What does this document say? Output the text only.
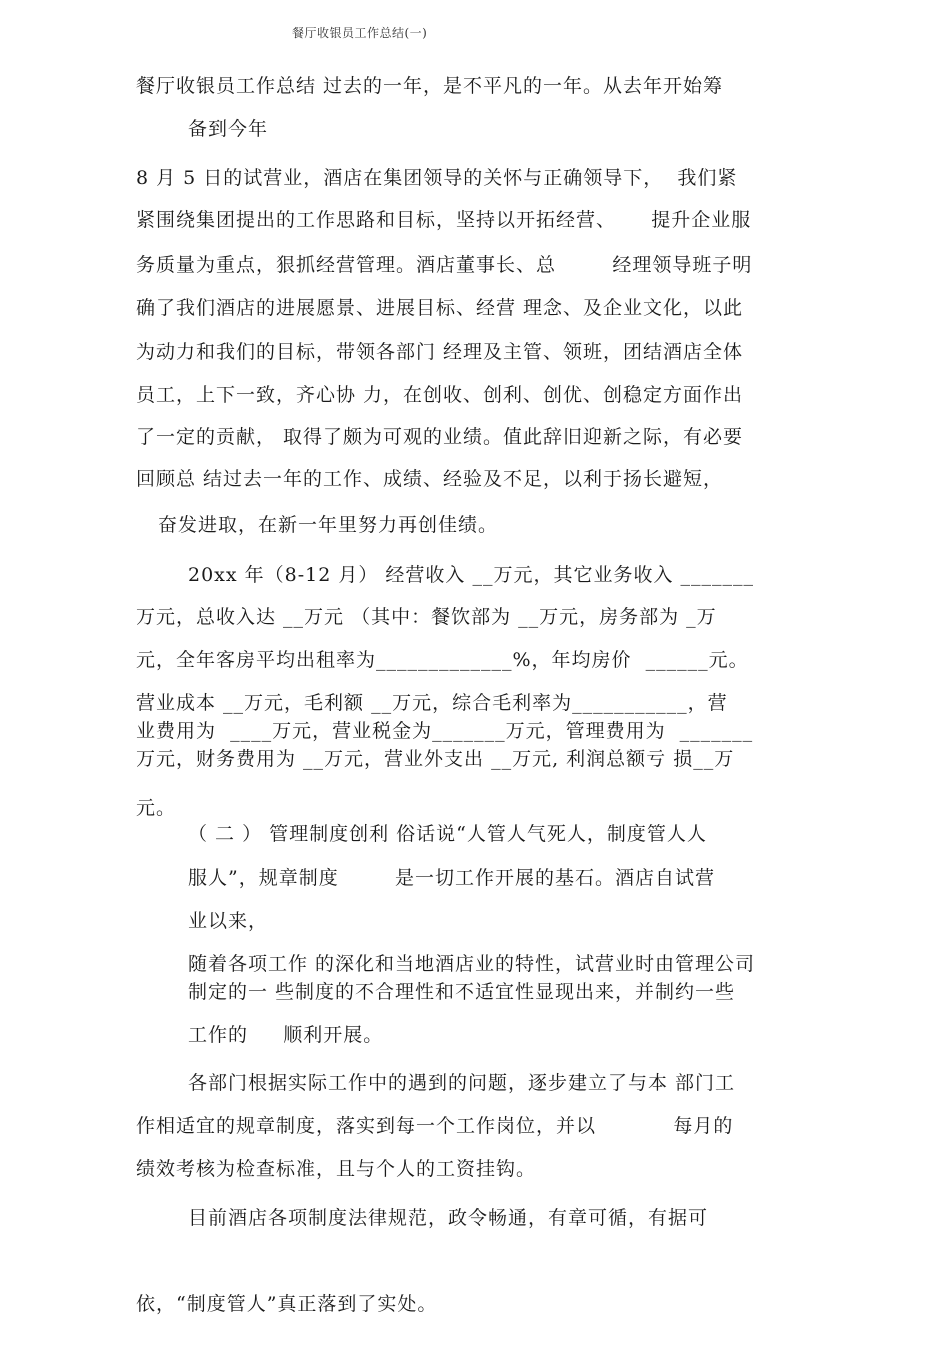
餐厅收银员工作总结(一)
餐厅收银员工作总结 过去的一年，是不平凡的一年。从去年开始筹
备到今年
8 月 5 日的试营业，酒店在集团领导的关怀与正确领导下，  我们紧
紧围绕集团提出的工作思路和目标，坚持以开拓经营、     提升企业服
务质量为重点，狠抓经营管理。酒店董事长、总        经理领导班子明
确了我们酒店的进展愿景、进展目标、经营 理念、及企业文化，以此
为动力和我们的目标，带领各部门 经理及主管、领班，团结酒店全体
员工，上下一致，齐心协 力，在创收、创利、创优、创稳定方面作出
了一定的贡献， 取得了颇为可观的业绩。值此辞旧迎新之际，有必要
回顾总 结过去一年的工作、成绩、经验及不足，以利于扬长避短，
奋发进取，在新一年里努力再创佳绩。
20xx 年（8-12 月） 经营收入 __万元，其它业务收入 _______
万元，总收入达 __万元 （其中：餐饮部为 __万元，房务部为 _万
元，全年客房平均出租率为_____________%，年均房价  ______元。
营业成本 __万元，毛利额 __万元，综合毛利率为___________，营
业费用为  ____万元，营业税金为_______万元，管理费用为  _______
万元，财务费用为 __万元，营业外支出 __万元, 利润总额亏 损__万
元。
（ 二 ） 管理制度创利 俗话说“人管人气死人，制度管人人
服人”，规章制度        是一切工作开展的基石。酒店自试营
业以来，
随着各项工作 的深化和当地酒店业的特性，试营业时由管理公司
制定的一 些制度的不合理性和不适宜性显现出来，并制约一些
工作的     顺利开展。
各部门根据实际工作中的遇到的问题，逐步建立了与本 部门工
作相适宜的规章制度，落实到每一个工作岗位，并以           每月的
绩效考核为检查标准，且与个人的工资挂钩。
目前酒店各项制度法律规范，政令畅通，有章可循，有据可
依，“制度管人”真正落到了实处。
